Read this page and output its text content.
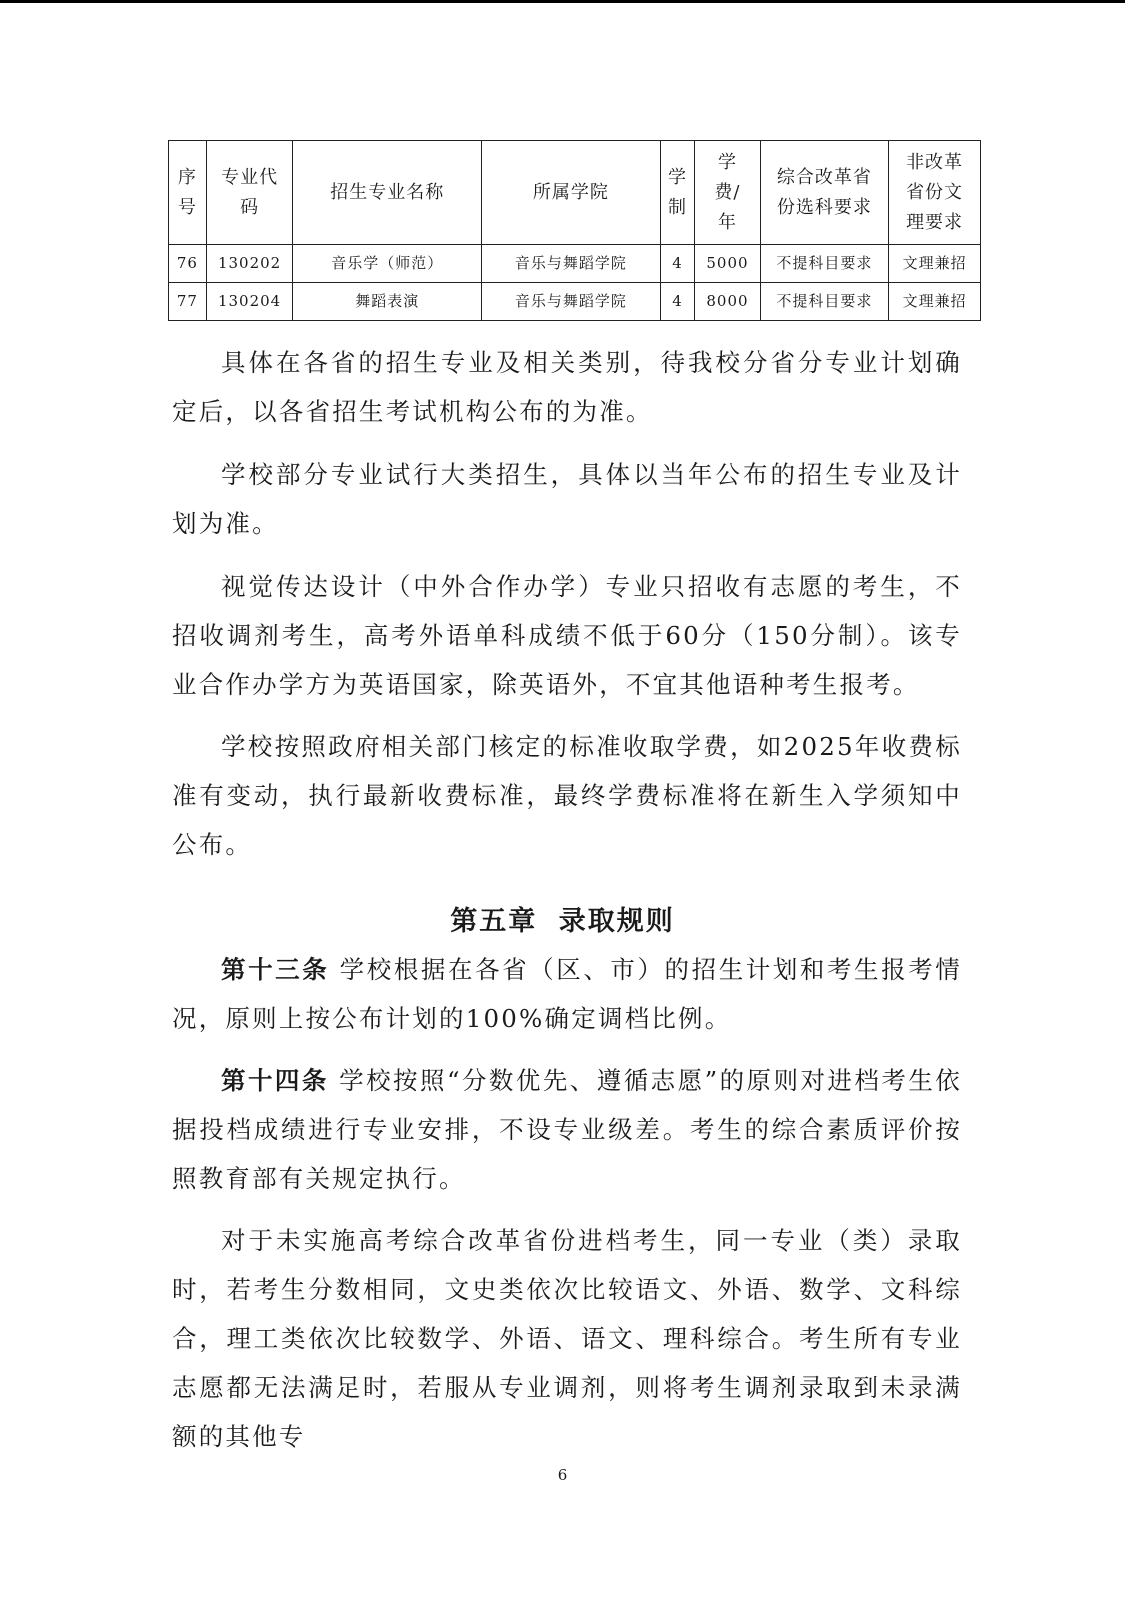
序号	专业代码	招生专业名称	所属学院	学制	学费/年	综合改革省份选科要求	非改革省份文理要求
76	130202	音乐学（师范）	音乐与舞蹈学院	4	5000	不提科目要求	文理兼招
77	130204	舞蹈表演	音乐与舞蹈学院	4	8000	不提科目要求	文理兼招

具体在各省的招生专业及相关类别，待我校分省分专业计划确定后，以各省招生考试机构公布的为准。

学校部分专业试行大类招生，具体以当年公布的招生专业及计划为准。

视觉传达设计（中外合作办学）专业只招收有志愿的考生，不招收调剂考生，高考外语单科成绩不低于60分（150分制）。该专业合作办学方为英语国家，除英语外，不宜其他语种考生报考。

学校按照政府相关部门核定的标准收取学费，如2025年收费标准有变动，执行最新收费标准，最终学费标准将在新生入学须知中公布。

第五章 录取规则

第十三条 学校根据在各省（区、市）的招生计划和考生报考情况，原则上按公布计划的100%确定调档比例。

第十四条 学校按照“分数优先、遵循志愿”的原则对进档考生依据投档成绩进行专业安排，不设专业级差。考生的综合素质评价按照教育部有关规定执行。

对于未实施高考综合改革省份进档考生，同一专业（类）录取时，若考生分数相同，文史类依次比较语文、外语、数学、文科综合，理工类依次比较数学、外语、语文、理科综合。考生所有专业志愿都无法满足时，若服从专业调剂，则将考生调剂录取到未录满额的其他专

6
